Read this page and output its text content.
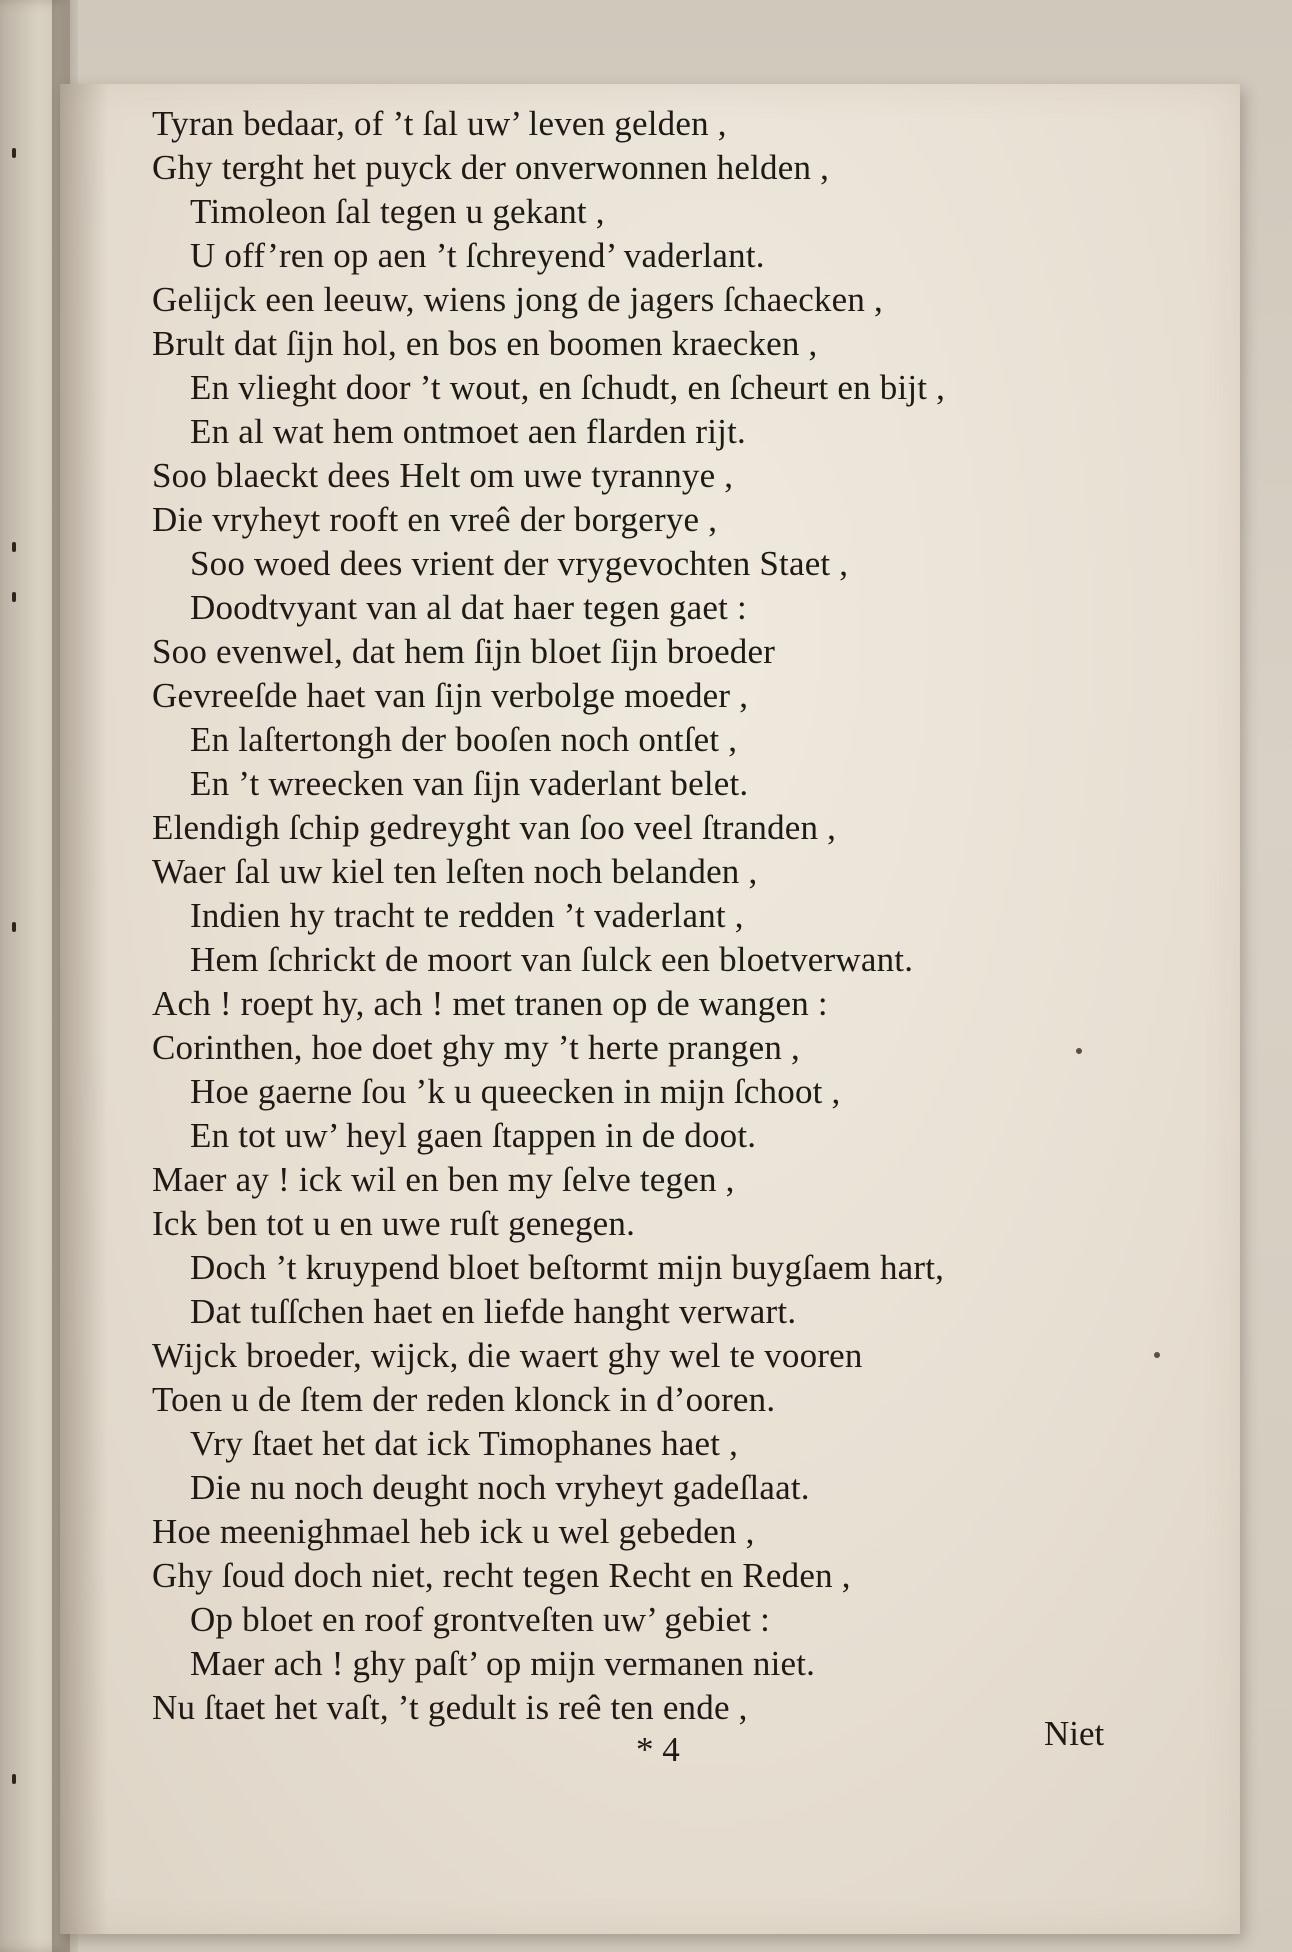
Tyran bedaar, of ’t ſal uw’ leven gelden ,
Ghy terght het puyck der onverwonnen helden ,
Timoleon ſal tegen u gekant ,
U off’ren op aen ’t ſchreyend’ vaderlant.
Gelijck een leeuw, wiens jong de jagers ſchaecken ,
Brult dat ſijn hol, en bos en boomen kraecken ,
En vlieght door ’t wout, en ſchudt, en ſcheurt en bijt ,
En al wat hem ontmoet aen flarden rijt.
Soo blaeckt dees Helt om uwe tyrannye ,
Die vryheyt rooft en vreê der borgerye ,
Soo woed dees vrient der vrygevochten Staet ,
Doodtvyant van al dat haer tegen gaet :
Soo evenwel, dat hem ſijn bloet ſijn broeder
Gevreeſde haet van ſijn verbolge moeder ,
En laſtertongh der booſen noch ontſet ,
En ’t wreecken van ſijn vaderlant belet.
Elendigh ſchip gedreyght van ſoo veel ſtranden ,
Waer ſal uw kiel ten leſten noch belanden ,
Indien hy tracht te redden ’t vaderlant ,
Hem ſchrickt de moort van ſulck een bloetverwant.
Ach ! roept hy, ach ! met tranen op de wangen :
Corinthen, hoe doet ghy my ’t herte prangen ,
Hoe gaerne ſou ’k u queecken in mijn ſchoot ,
En tot uw’ heyl gaen ſtappen in de doot.
Maer ay ! ick wil en ben my ſelve tegen ,
Ick ben tot u en uwe ruſt genegen.
Doch ’t kruypend bloet beſtormt mijn buygſaem hart,
Dat tuſſchen haet en liefde hanght verwart.
Wijck broeder, wijck, die waert ghy wel te vooren
Toen u de ſtem der reden klonck in d’ooren.
Vry ſtaet het dat ick Timophanes haet ,
Die nu noch deught noch vryheyt gadeſlaat.
Hoe meenighmael heb ick u wel gebeden ,
Ghy ſoud doch niet, recht tegen Recht en Reden ,
Op bloet en roof grontveſten uw’ gebiet :
Maer ach ! ghy paſt’ op mijn vermanen niet.
Nu ſtaet het vaſt, ’t gedult is reê ten ende ,
* 4	Niet
